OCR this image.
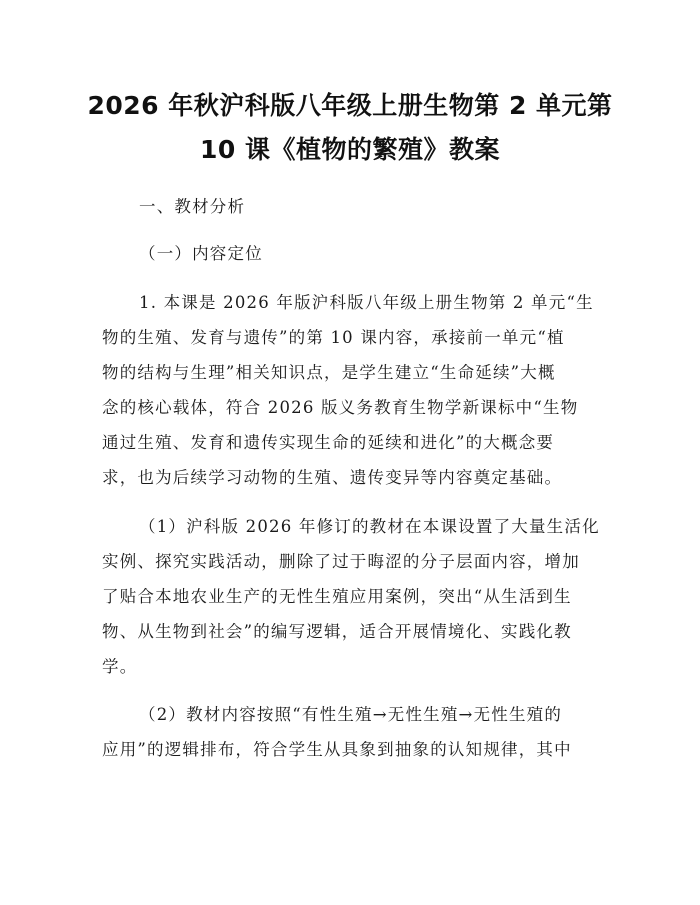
2026 年秋沪科版八年级上册生物第 2 单元第
10 课《植物的繁殖》教案
一、教材分析
（一）内容定位
1. 本课是 2026 年版沪科版八年级上册生物第 2 单元“生
物的生殖、发育与遗传”的第 10 课内容，承接前一单元“植
物的结构与生理”相关知识点，是学生建立“生命延续”大概
念的核心载体，符合 2026 版义务教育生物学新课标中“生物
通过生殖、发育和遗传实现生命的延续和进化”的大概念要
求，也为后续学习动物的生殖、遗传变异等内容奠定基础。
（1）沪科版 2026 年修订的教材在本课设置了大量生活化
实例、探究实践活动，删除了过于晦涩的分子层面内容，增加
了贴合本地农业生产的无性生殖应用案例，突出“从生活到生
物、从生物到社会”的编写逻辑，适合开展情境化、实践化教
学。
（2）教材内容按照“有性生殖→无性生殖→无性生殖的
应用”的逻辑排布，符合学生从具象到抽象的认知规律，其中
